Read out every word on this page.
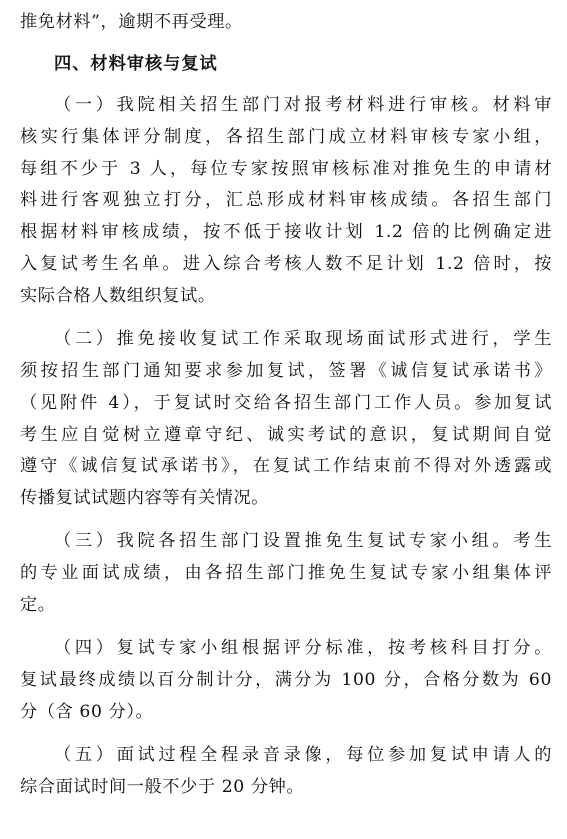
推免材料”，逾期不再受理。
四、材料审核与复试
（一）我院相关招生部门对报考材料进行审核。材料审
核实行集体评分制度，各招生部门成立材料审核专家小组，
每组不少于 3 人，每位专家按照审核标准对推免生的申请材
料进行客观独立打分，汇总形成材料审核成绩。各招生部门
根据材料审核成绩，按不低于接收计划 1.2 倍的比例确定进
入复试考生名单。进入综合考核人数不足计划 1.2 倍时，按
实际合格人数组织复试。
（二）推免接收复试工作采取现场面试形式进行，学生
须按招生部门通知要求参加复试，签署《诚信复试承诺书》
（见附件 4），于复试时交给各招生部门工作人员。参加复试
考生应自觉树立遵章守纪、诚实考试的意识，复试期间自觉
遵守《诚信复试承诺书》，在复试工作结束前不得对外透露或
传播复试试题内容等有关情况。
（三）我院各招生部门设置推免生复试专家小组。考生
的专业面试成绩，由各招生部门推免生复试专家小组集体评
定。
（四）复试专家小组根据评分标准，按考核科目打分。
复试最终成绩以百分制计分，满分为 100 分，合格分数为 60
分（含 60 分）。
（五）面试过程全程录音录像，每位参加复试申请人的
综合面试时间一般不少于 20 分钟。
